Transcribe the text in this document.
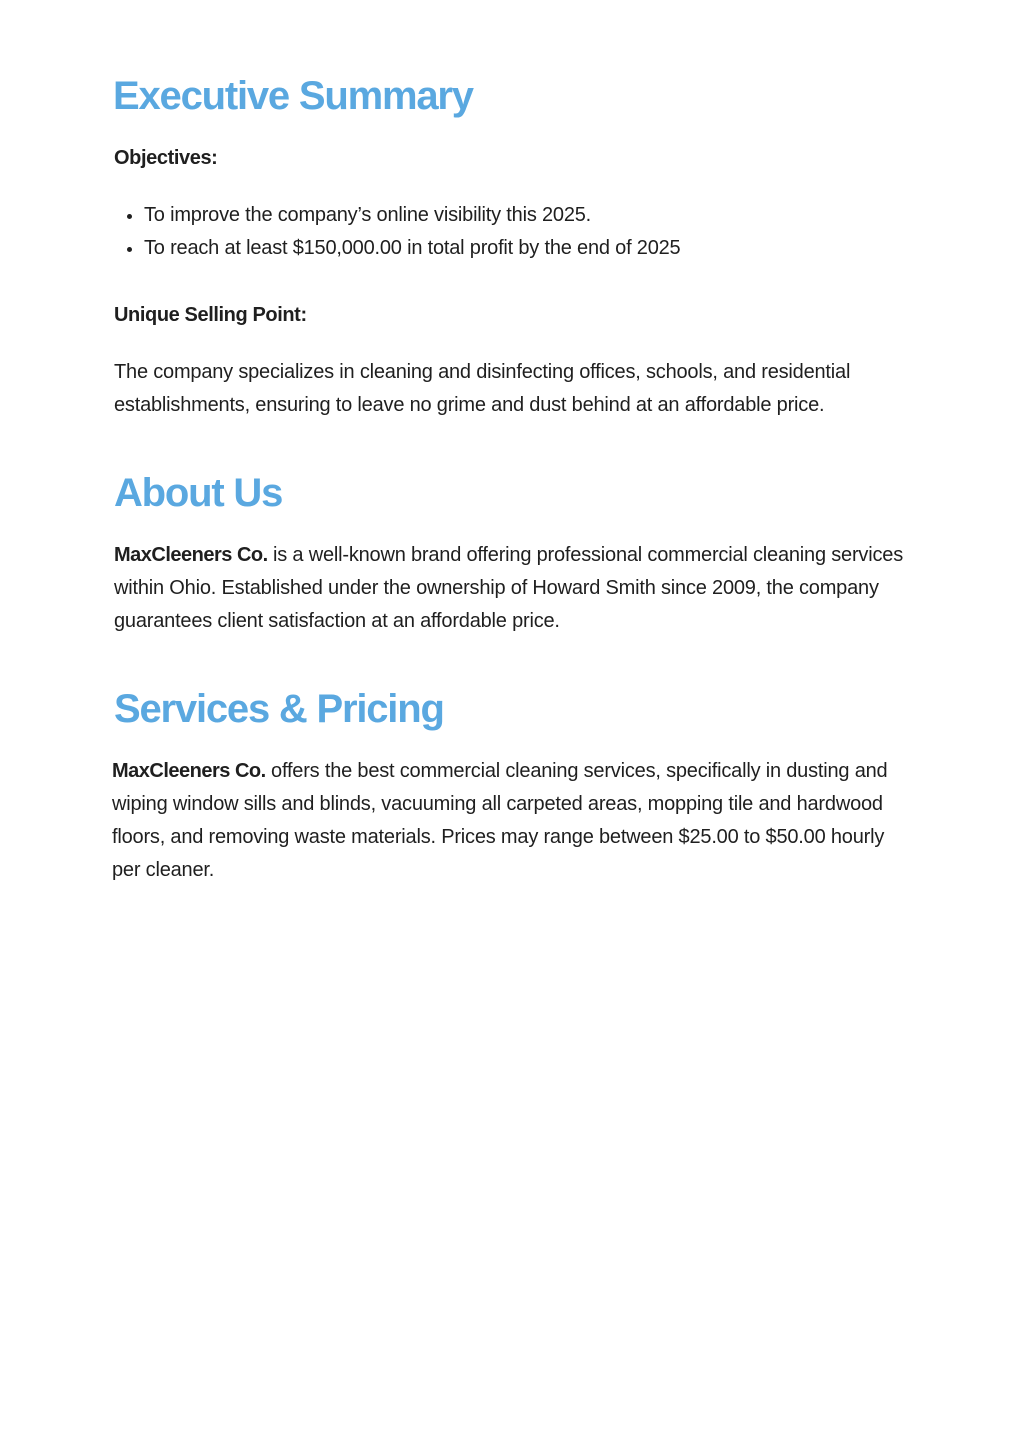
Executive Summary
Objectives:
To improve the company’s online visibility this 2025.
To reach at least $150,000.00 in total profit by the end of 2025
Unique Selling Point:

The company specializes in cleaning and disinfecting offices, schools, and residential establishments, ensuring to leave no grime and dust behind at an affordable price.

About Us

MaxCleeners Co. is a well-known brand offering professional commercial cleaning services within Ohio. Established under the ownership of Howard Smith since 2009, the company guarantees client satisfaction at an affordable price.

Services & Pricing

MaxCleeners Co. offers the best commercial cleaning services, specifically in dusting and wiping window sills and blinds, vacuuming all carpeted areas, mopping tile and hardwood floors, and removing waste materials. Prices may range between $25.00 to $50.00 hourly per cleaner.
